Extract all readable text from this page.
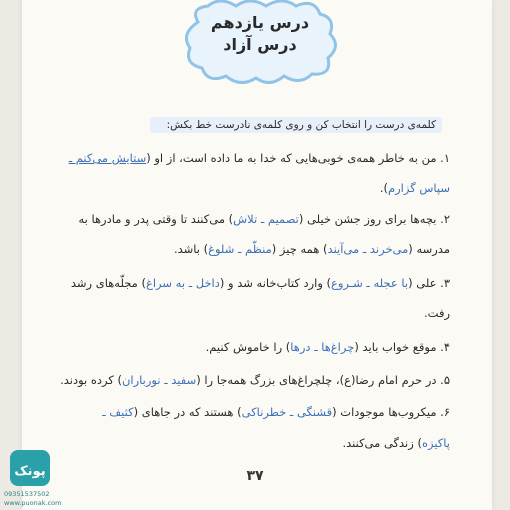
درس یازدهم
درس آزاد
کلمه‌ی درست را انتخاب کن و روی کلمه‌ی نادرست خط بکش:
۱. من به خاطر همه‌ی خوبی‌هایی که خدا به ما داده است، از او (ستایش می‌کنم ـ
سپاس گزارم).
۲. بچه‌ها برای روز جشن خیلی (تصمیم ـ تلاش) می‌کنند تا وقتی پدر و مادرها به
مدرسه (می‌خرند ـ می‌آیند) همه چیز (منظّم ـ شلوغ) باشد.
۳. علی (با عجله ـ شـروع) وارد کتاب‌خانه شد و (داخل ـ به سراغ) مجلّه‌های رشد
رفت.
۴. موقع خواب باید (چراغ‌ها ـ درها) را خاموش کنیم.
۵. در حرم امام رضا(ع)، چلچراغ‌های بزرگ همه‌جا را (سفید ـ نورباران) کرده بودند.
۶. میکروب‌ها موجودات (قشنگی ـ خطرناکی) هستند که در جاهای (کثیف ـ
پاکیزه) زندگی می‌کنند.
۳۷
پونک
09351537502
www.puonak.com
